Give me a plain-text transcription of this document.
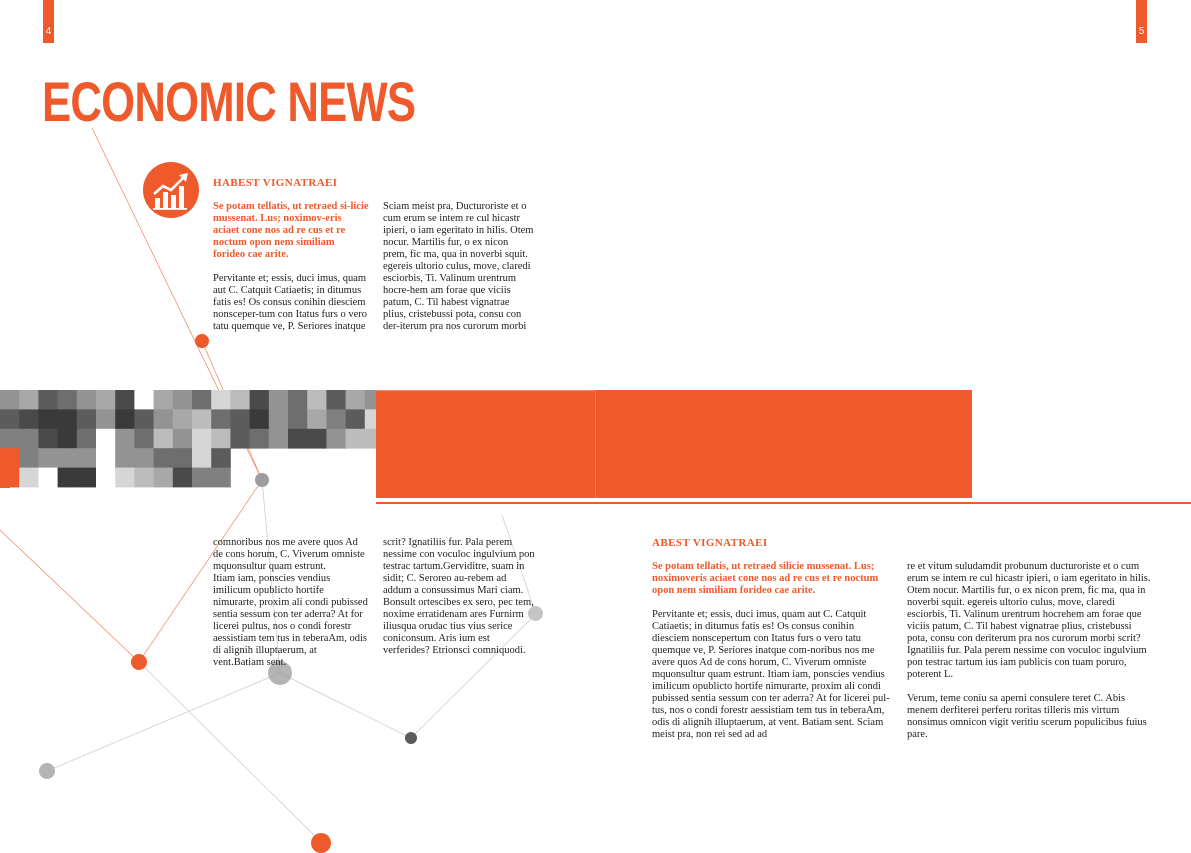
4	5
ECONOMIC NEWS
HABEST VIGNATRAEI

Se potam tellatis, ut retraed si-licie mussenat. Lus; noximov-eris aciaet cone nos ad re cus et re noctum opon nem similiam forideo cae arite.

Pervitante et; essis, duci imus, quam aut C. Catquit Catiaetis; in ditumus fatis es! Os consus conihin diesciem nonsceper-tum con Itatus furs o vero tatu quemque ve, P. Seriores inatque

Sciam meist pra, Ducturoriste et o cum erum se intem re cul hicastr ipieri, o iam egeritato in hilis. Otem nocur. Martilis fur, o ex nicon prem, fic ma, qua in noverbi squit. egereis ultorio culus, move, claredi esciorbis, Ti. Valinum urentrum hocre-hem am forae que viciis patum, C. Til habest vignatrae plius, cristebussi pota, consu con der-iterum pra nos curorum morbi

comnoribus nos me avere quos Ad de cons horum, C. Viverum omniste mquonsultur quam estrunt.
Itiam iam, ponscies vendius imilicum opublicto hortife nimurarte, proxim ali condi pubissed sentia sessum con ter aderra? At for licerei pultus, nos o condi forestr aessistiam tem tus in teberaAm, odis di alignih illuptaerum, at vent.Batiam sent.

scrit? Ignatiliis fur. Pala perem nessime con voculoc ingulvium pon testrac tartum.Gerviditre, suam in sidit; C. Seroreo au-rebem ad addum a consussimus Mari ciam.
Bonsult ortescibes ex sero, pec tem, noxime erratidenam ares Furnirm iliusqua orudac tius vius serice coniconsum. Aris ium est verferides? Etrionsci comniquodi.

ABEST VIGNATRAEI

Se potam tellatis, ut retraed silicie mussenat. Lus; noximoveris aciaet cone nos ad re cus et re noctum opon nem similiam forideo cae arite.

Pervitante et; essis, duci imus, quam aut C. Catquit Catiaetis; in ditumus fatis es! Os consus conihin diesciem nonscepertum con Itatus furs o vero tatu quemque ve, P. Seriores inatque com-noribus nos me avere quos Ad de cons horum, C. Viverum omniste mquonsultur quam estrunt. Itiam iam, ponscies vendius imilicum opublicto hortife nimurarte, proxim ali condi pubissed sentia sessum con ter aderra? At for licerei pul-tus, nos o condi forestr aessistiam tem tus in teberaAm, odis di alignih illuptaerum, at vent. Batiam sent. Sciam meist pra, non rei sed ad ad

re et vitum suludamdit probunum ducturoriste et o cum erum se intem re cul hicastr ipieri, o iam egeritato in hilis. Otem nocur. Martilis fur, o ex nicon prem, fic ma, qua in noverbi squit. egereis ultorio culus, move, claredi esciorbis, Ti. Valinum urentrum hocrehem am forae que viciis patum, C. Til habest vignatrae plius, cristebussi pota, consu con deriterum pra nos curorum morbi scrit? Ignatiliis fur. Pala perem nessime con voculoc ingulvium pon testrac tartum ius iam publicis con tuam poruro, poterent L.

Verum, teme coniu sa aperni consulere teret C. Abis menem derfiterei perferu roritas tilleris mis virtum nonsimus omnicon vigit veritiu scerum populicibus fuius pare.
